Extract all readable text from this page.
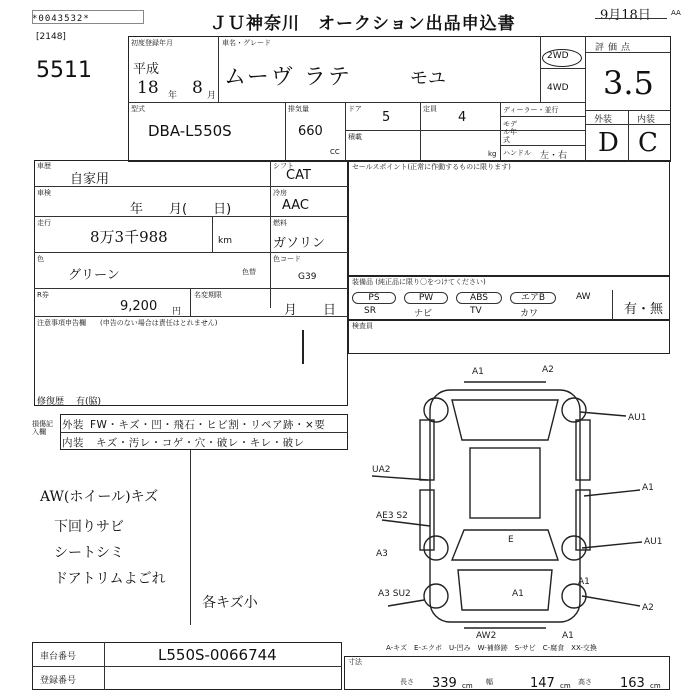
*0043532*	ＪＵ神奈川　オークション出品申込書	9月18日	AA
[2148]
5511
初度登録年月
平成
18 年 8 月
車名・グレード
ムーヴ ラテ	モユ
2WD
4WD
評価点
3.5
型式
DBA-L550S
排気量
660
CC
ドア
5
定員
4	ディーラー・並行
モデル年式
積載
kg ハンドル 左・右
外装	内装
D C
車歴
自家用
車検
年　　月(　　日)
走行
8万3千988	km
色
グリーン	色替
R券
9,200 円
名変期限
月　　日
シフト
CAT
冷房
AAC
燃料
ガソリン
色コード
G39
注意事項申告欄 (申告のない場合は責任はとれません)
修復歴 有(脇)
セールスポイント(正常に作動するものに限ります)
装備品 (純正品に限り〇をつけてください)
PS	PW	ABS	エアB	AW
SR	ナビ	TV	カワ	有・無
検査員
損傷記入欄
外装 FW・キズ・凹・飛石・ヒビ割・リペア跡・×要
内装 キズ・汚レ・コゲ・穴・破レ・キレ・破レ
AW(ホイール)キズ
下回りサビ
シートシミ
ドアトリムよごれ
各キズ小
A1	A2
AU1
UA2
A1
AE3 S2
A3
E
A1
AU1
A3 SU2
A1
A2
AW2	A1
A-キズ　E-エクボ　U-凹み　W-補修跡　S-サビ　C-腐食　XX-交換
車台番号	L550S-0066744
登録番号
寸法
長さ 339 cm 幅	147 cm 高さ 163 cm
